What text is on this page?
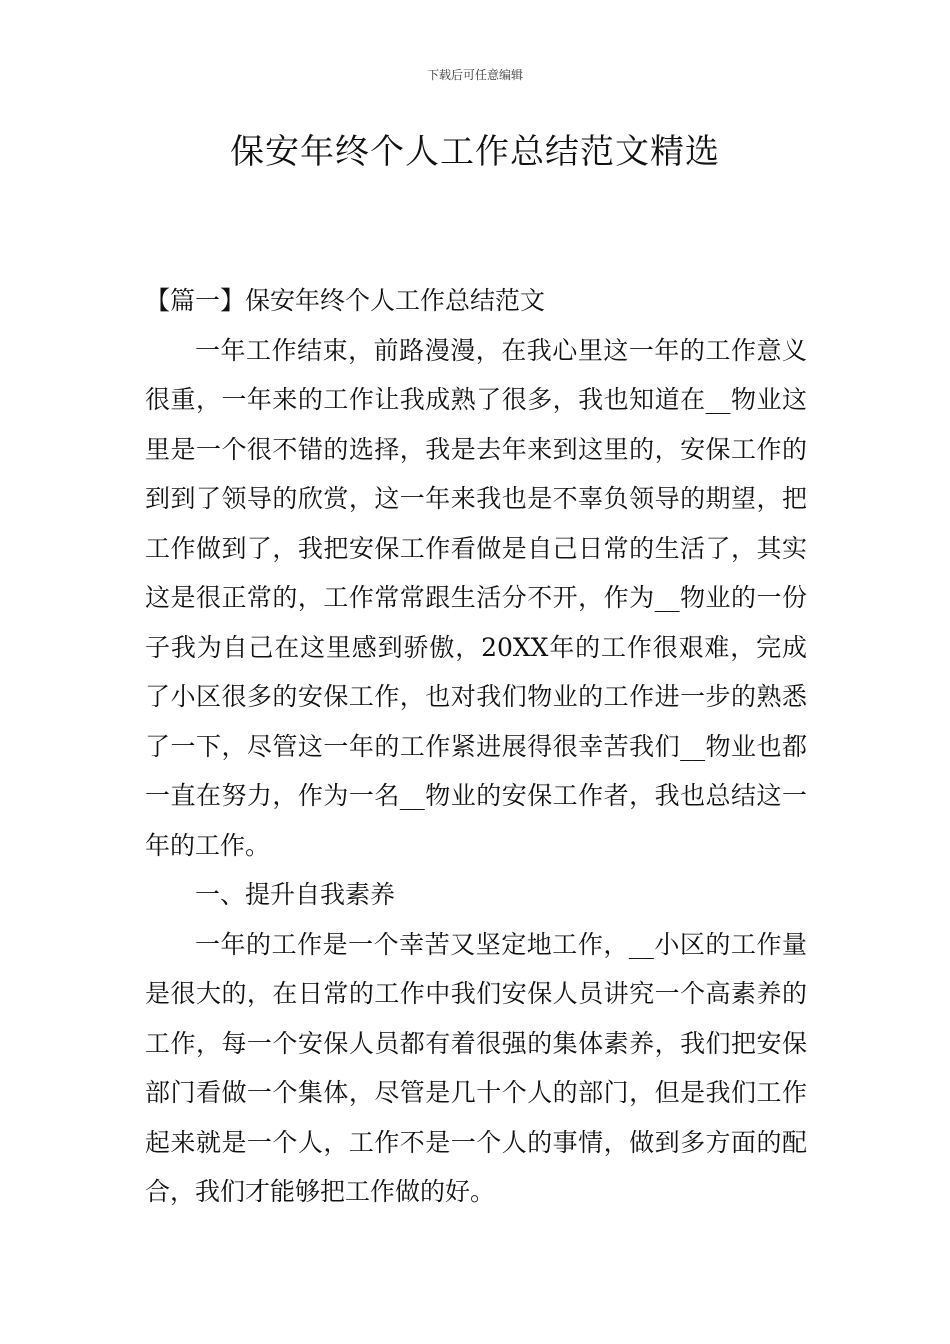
下载后可任意编辑
保安年终个人工作总结范文精选

【篇一】保安年终个人工作总结范文

一年工作结束，前路漫漫，在我心里这一年的工作意义很重，一年来的工作让我成熟了很多，我也知道在__物业这里是一个很不错的选择，我是去年来到这里的，安保工作的到到了领导的欣赏，这一年来我也是不辜负领导的期望，把工作做到了，我把安保工作看做是自己日常的生活了，其实这是很正常的，工作常常跟生活分不开，作为__物业的一份子我为自己在这里感到骄傲，20XX年的工作很艰难，完成了小区很多的安保工作，也对我们物业的工作进一步的熟悉了一下，尽管这一年的工作紧进展得很幸苦我们__物业也都一直在努力，作为一名__物业的安保工作者，我也总结这一年的工作。

一、提升自我素养

一年的工作是一个幸苦又坚定地工作，__小区的工作量是很大的，在日常的工作中我们安保人员讲究一个高素养的工作，每一个安保人员都有着很强的集体素养，我们把安保部门看做一个集体，尽管是几十个人的部门，但是我们工作起来就是一个人，工作不是一个人的事情，做到多方面的配合，我们才能够把工作做的好。
